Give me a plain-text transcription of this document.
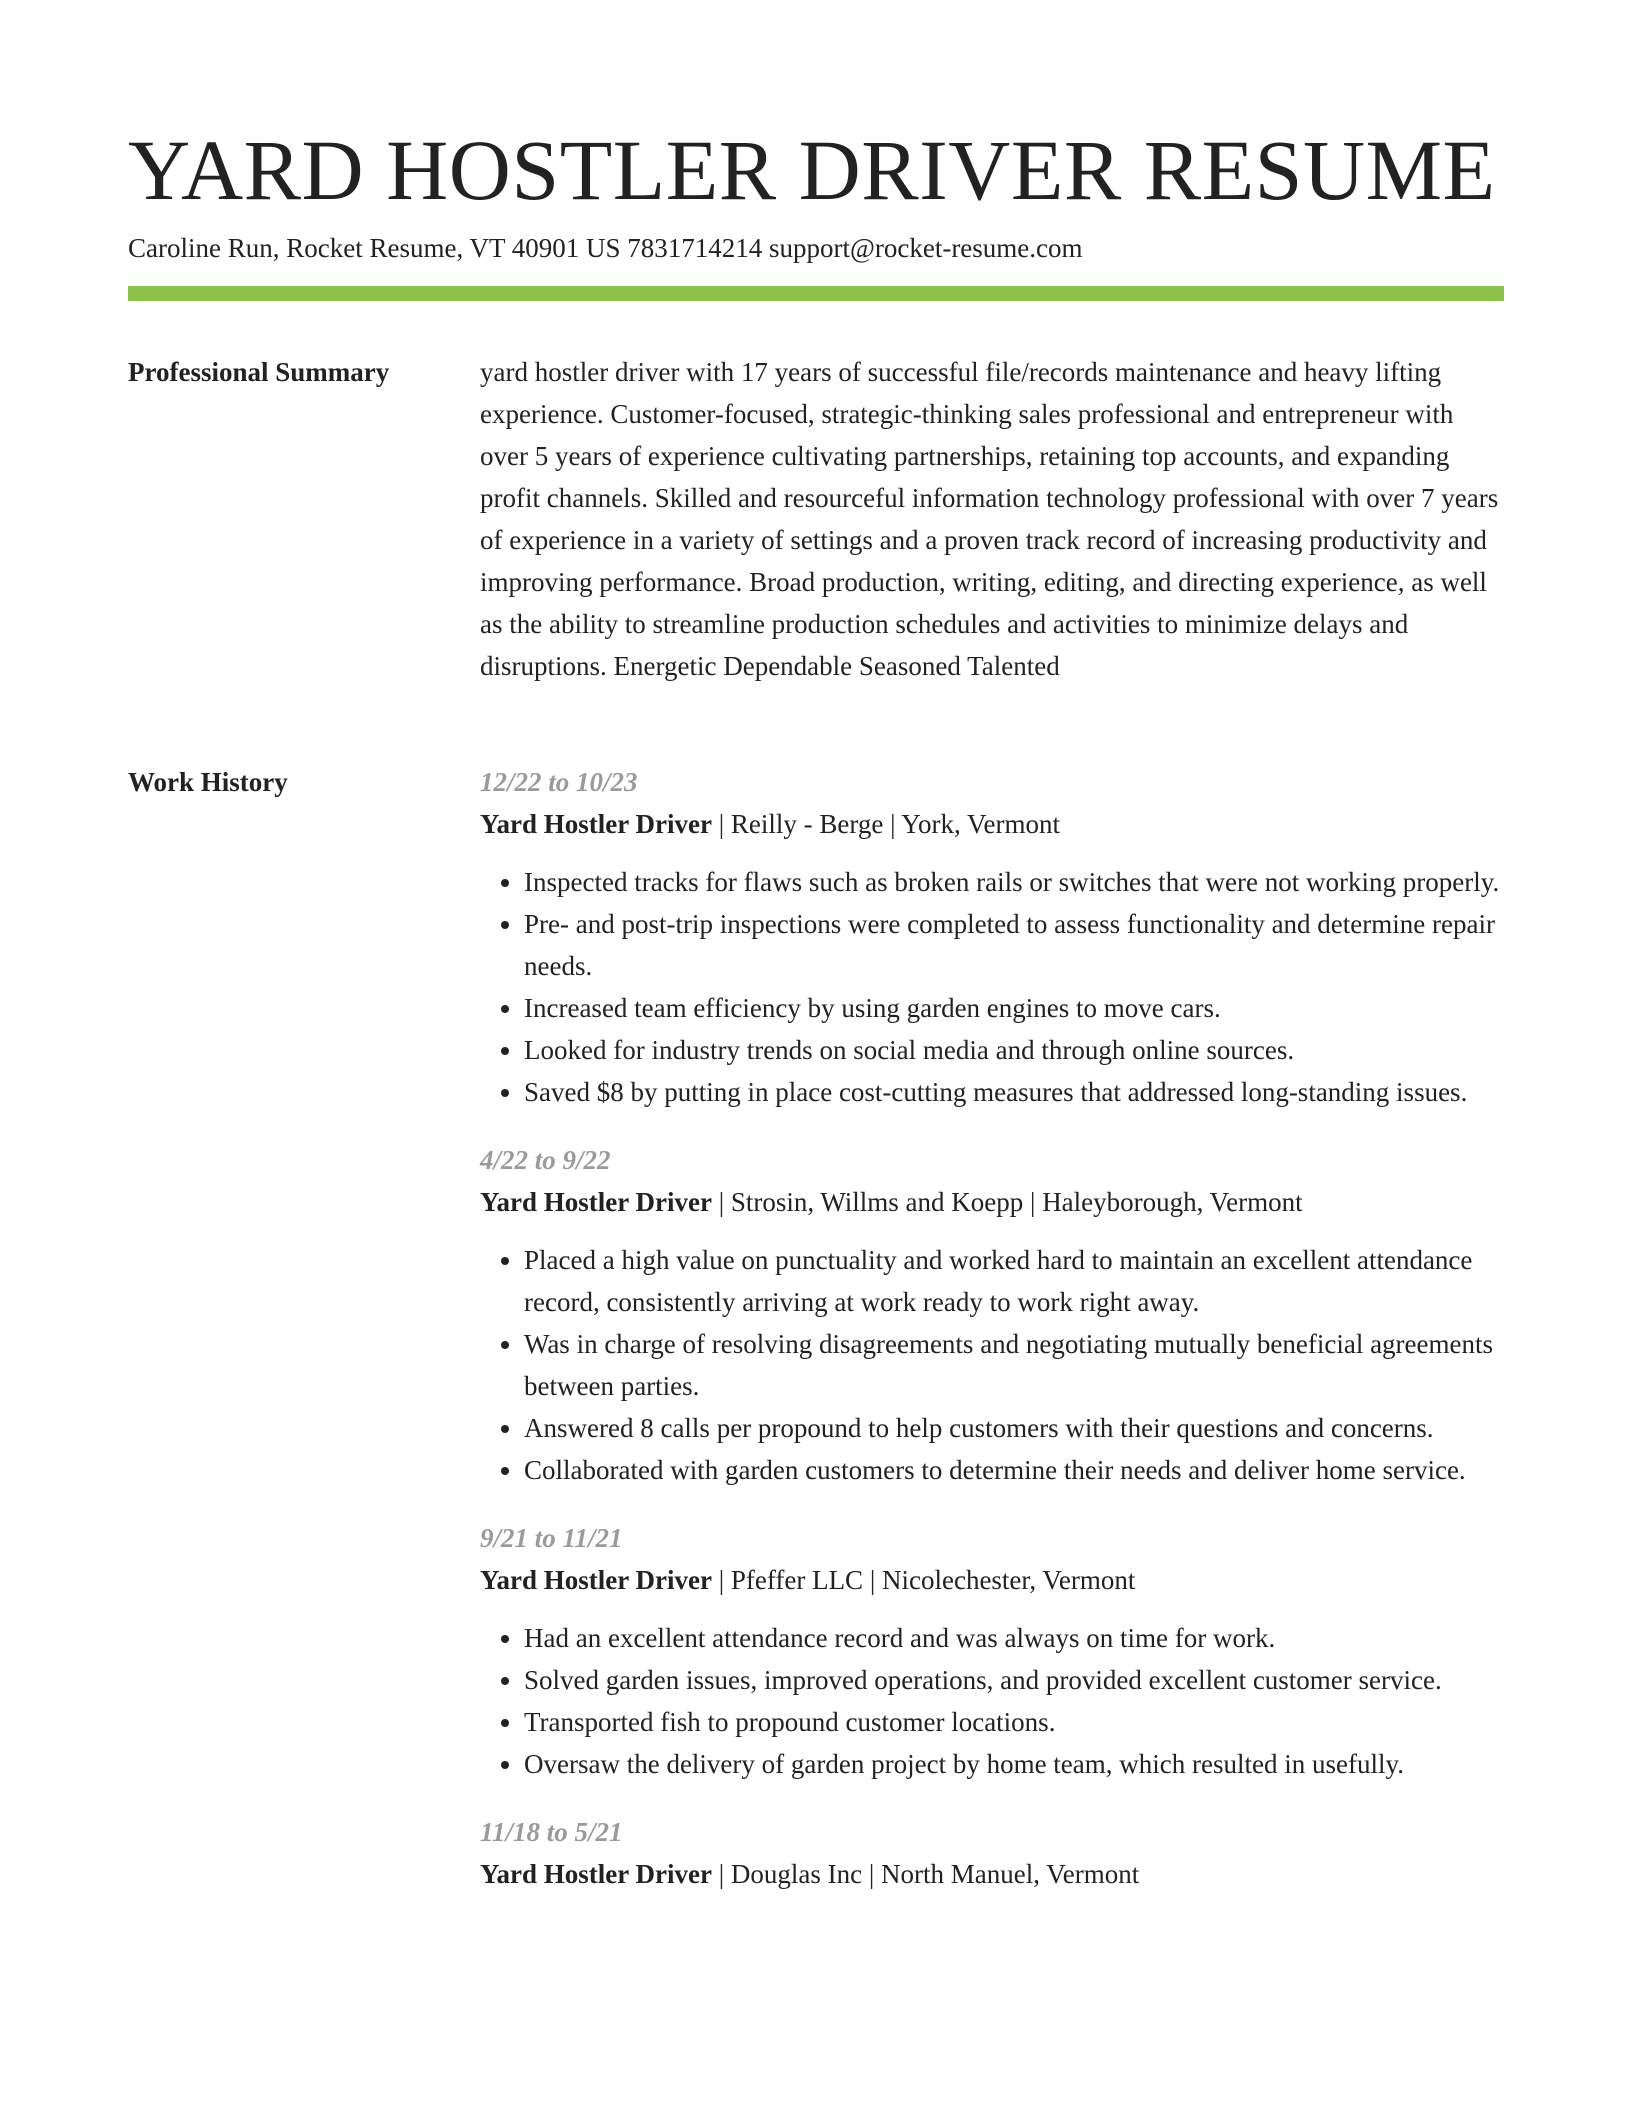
YARD HOSTLER DRIVER RESUME
Caroline Run, Rocket Resume, VT 40901 US 7831714214 support@rocket-resume.com
Professional Summary	yard hostler driver with 17 years of successful file/records maintenance and heavy lifting experience. Customer-focused, strategic-thinking sales professional and entrepreneur with over 5 years of experience cultivating partnerships, retaining top accounts, and expanding profit channels. Skilled and resourceful information technology professional with over 7 years of experience in a variety of settings and a proven track record of increasing productivity and improving performance. Broad production, writing, editing, and directing experience, as well as the ability to streamline production schedules and activities to minimize delays and disruptions. Energetic Dependable Seasoned Talented

Work History	12/22 to 10/23
Yard Hostler Driver | Reilly - Berge | York, Vermont
• Inspected tracks for flaws such as broken rails or switches that were not working properly.
• Pre- and post-trip inspections were completed to assess functionality and determine repair needs.
• Increased team efficiency by using garden engines to move cars.
• Looked for industry trends on social media and through online sources.
• Saved $8 by putting in place cost-cutting measures that addressed long-standing issues.
4/22 to 9/22
Yard Hostler Driver | Strosin, Willms and Koepp | Haleyborough, Vermont
• Placed a high value on punctuality and worked hard to maintain an excellent attendance record, consistently arriving at work ready to work right away.
• Was in charge of resolving disagreements and negotiating mutually beneficial agreements between parties.
• Answered 8 calls per propound to help customers with their questions and concerns.
• Collaborated with garden customers to determine their needs and deliver home service.
9/21 to 11/21
Yard Hostler Driver | Pfeffer LLC | Nicolechester, Vermont
• Had an excellent attendance record and was always on time for work.
• Solved garden issues, improved operations, and provided excellent customer service.
• Transported fish to propound customer locations.
• Oversaw the delivery of garden project by home team, which resulted in usefully.
11/18 to 5/21
Yard Hostler Driver | Douglas Inc | North Manuel, Vermont
